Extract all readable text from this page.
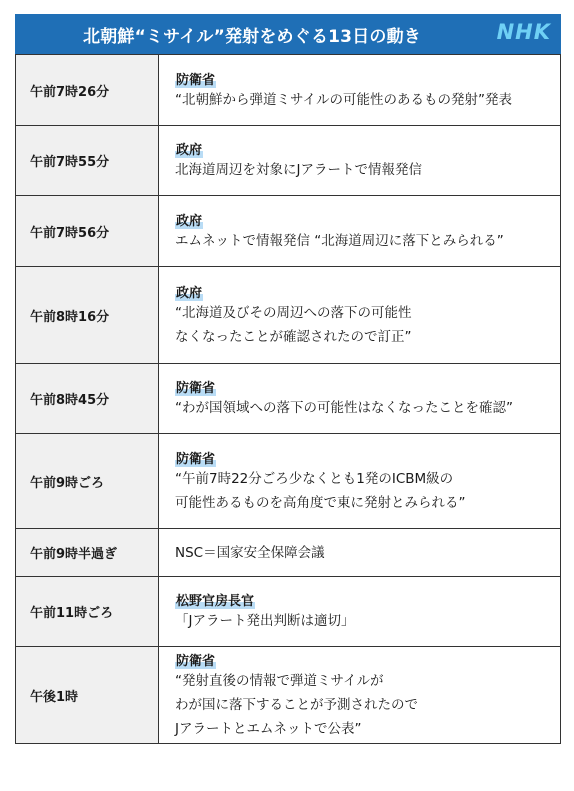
北朝鮮“ミサイル”発射をめぐる13日の動き	NHK
午前7時26分	防衛省
“北朝鮮から弾道ミサイルの可能性のあるもの発射”発表

午前7時55分	政府
北海道周辺を対象にJアラートで情報発信

午前7時56分	政府
エムネットで情報発信 “北海道周辺に落下とみられる”

午前8時16分	政府
“北海道及びその周辺への落下の可能性
なくなったことが確認されたので訂正”

午前8時45分	防衛省
“わが国領域への落下の可能性はなくなったことを確認”

午前9時ごろ	防衛省
“午前7時22分ごろ少なくとも1発のICBM級の
可能性あるものを高角度で東に発射とみられる”

午前9時半過ぎ	NSC＝国家安全保障会議

午前11時ごろ	松野官房長官
「Jアラート発出判断は適切」

午後1時	防衛省
“発射直後の情報で弾道ミサイルが
わが国に落下することが予測されたので
Jアラートとエムネットで公表”
